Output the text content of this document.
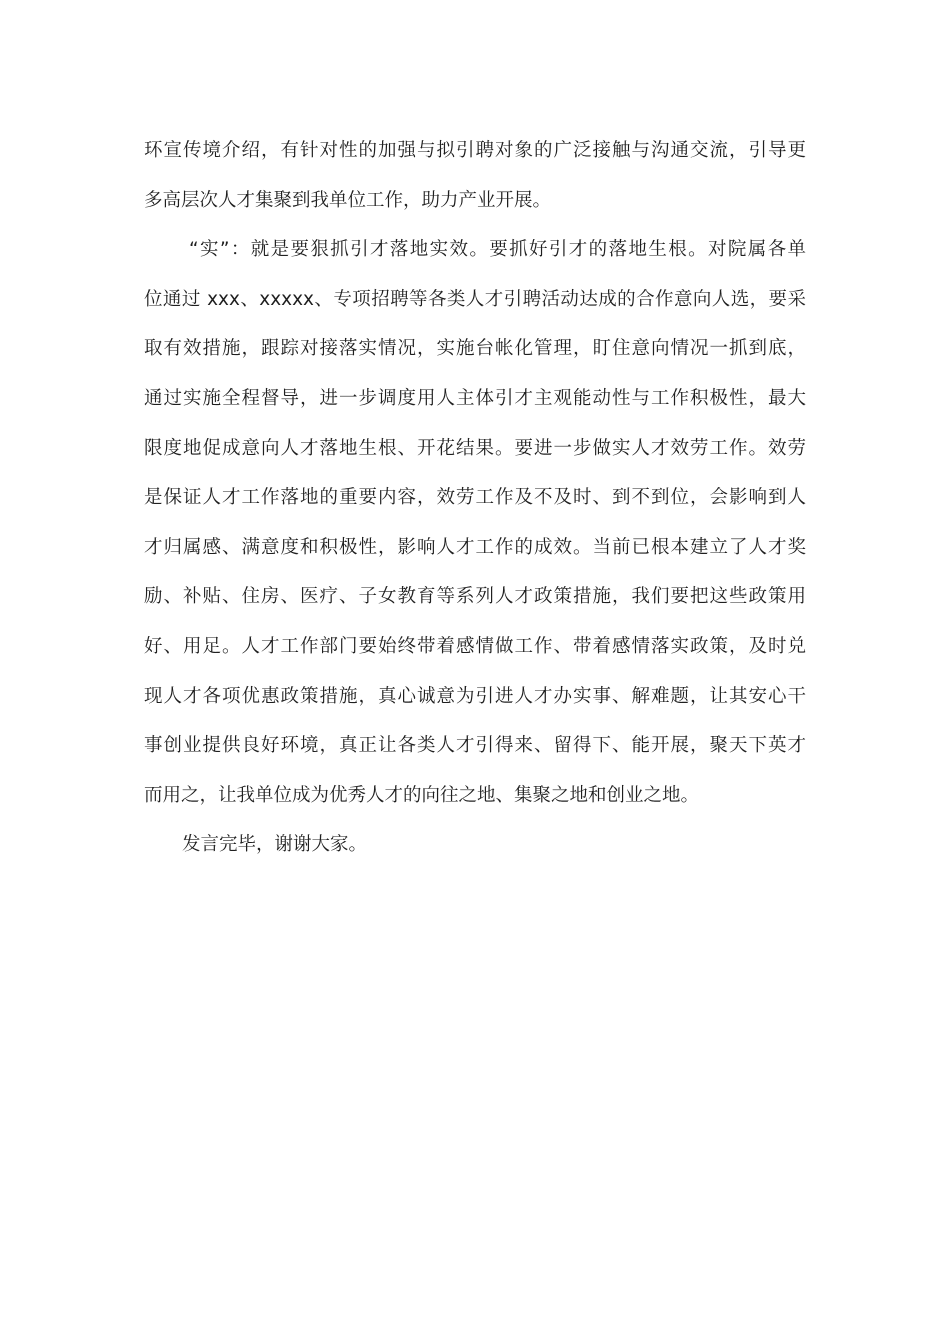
环宣传境介绍，有针对性的加强与拟引聘对象的广泛接触与沟通交流，引导更
多高层次人才集聚到我单位工作，助力产业开展。
“实”：就是要狠抓引才落地实效。要抓好引才的落地生根。对院属各单
位通过 xxx、xxxxx、专项招聘等各类人才引聘活动达成的合作意向人选，要采
取有效措施，跟踪对接落实情况，实施台帐化管理，盯住意向情况一抓到底，
通过实施全程督导，进一步调度用人主体引才主观能动性与工作积极性，最大
限度地促成意向人才落地生根、开花结果。要进一步做实人才效劳工作。效劳
是保证人才工作落地的重要内容，效劳工作及不及时、到不到位，会影响到人
才归属感、满意度和积极性，影响人才工作的成效。当前已根本建立了人才奖
励、补贴、住房、医疗、子女教育等系列人才政策措施，我们要把这些政策用
好、用足。人才工作部门要始终带着感情做工作、带着感情落实政策，及时兑
现人才各项优惠政策措施，真心诚意为引进人才办实事、解难题，让其安心干
事创业提供良好环境，真正让各类人才引得来、留得下、能开展，聚天下英才
而用之，让我单位成为优秀人才的向往之地、集聚之地和创业之地。
发言完毕，谢谢大家。
